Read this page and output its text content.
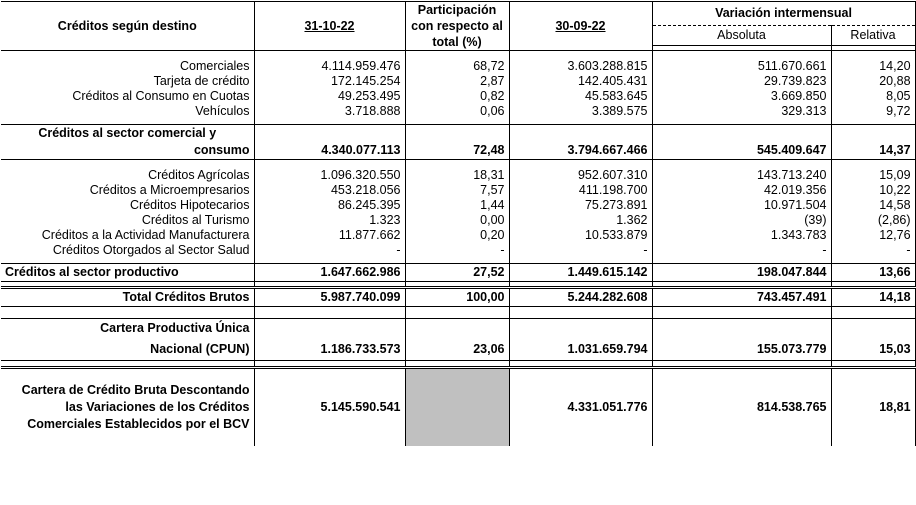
Créditos según destino	31-10-22	Participación con respecto al total (%)	30-09-22	Variación intermensual	
				Absoluta	Relativa

Comerciales	4.114.959.476	68,72	3.603.288.815	511.670.661	14,20
Tarjeta de crédito	172.145.254	2,87	142.405.431	29.739.823	20,88
Créditos al Consumo en Cuotas	49.253.495	0,82	45.583.645	3.669.850	8,05
Vehículos	3.718.888	0,06	3.389.575	329.313	9,72

Créditos al sector comercial y					
consumo	4.340.077.113	72,48	3.794.667.466	545.409.647	14,37

Créditos Agrícolas	1.096.320.550	18,31	952.607.310	143.713.240	15,09
Créditos a Microempresarios	453.218.056	7,57	411.198.700	42.019.356	10,22
Créditos Hipotecarios	86.245.395	1,44	75.273.891	10.971.504	14,58
Créditos al Turismo	1.323	0,00	1.362	(39)	(2,86)
Créditos a la Actividad Manufacturera	11.877.662	0,20	10.533.879	1.343.783	12,76
Créditos Otorgados al Sector Salud	-	-	-	-	-

Créditos al sector productivo	1.647.662.986	27,52	1.449.615.142	198.047.844	13,66

Total Créditos Brutos	5.987.740.099	100,00	5.244.282.608	743.457.491	14,18

Cartera Productiva Única					
Nacional (CPUN)	1.186.733.573	23,06	1.031.659.794	155.073.779	15,03

Cartera de Crédito Bruta Descontando las Variaciones de los Créditos Comerciales Establecidos por el BCV	5.145.590.541		4.331.051.776	814.538.765	18,81
